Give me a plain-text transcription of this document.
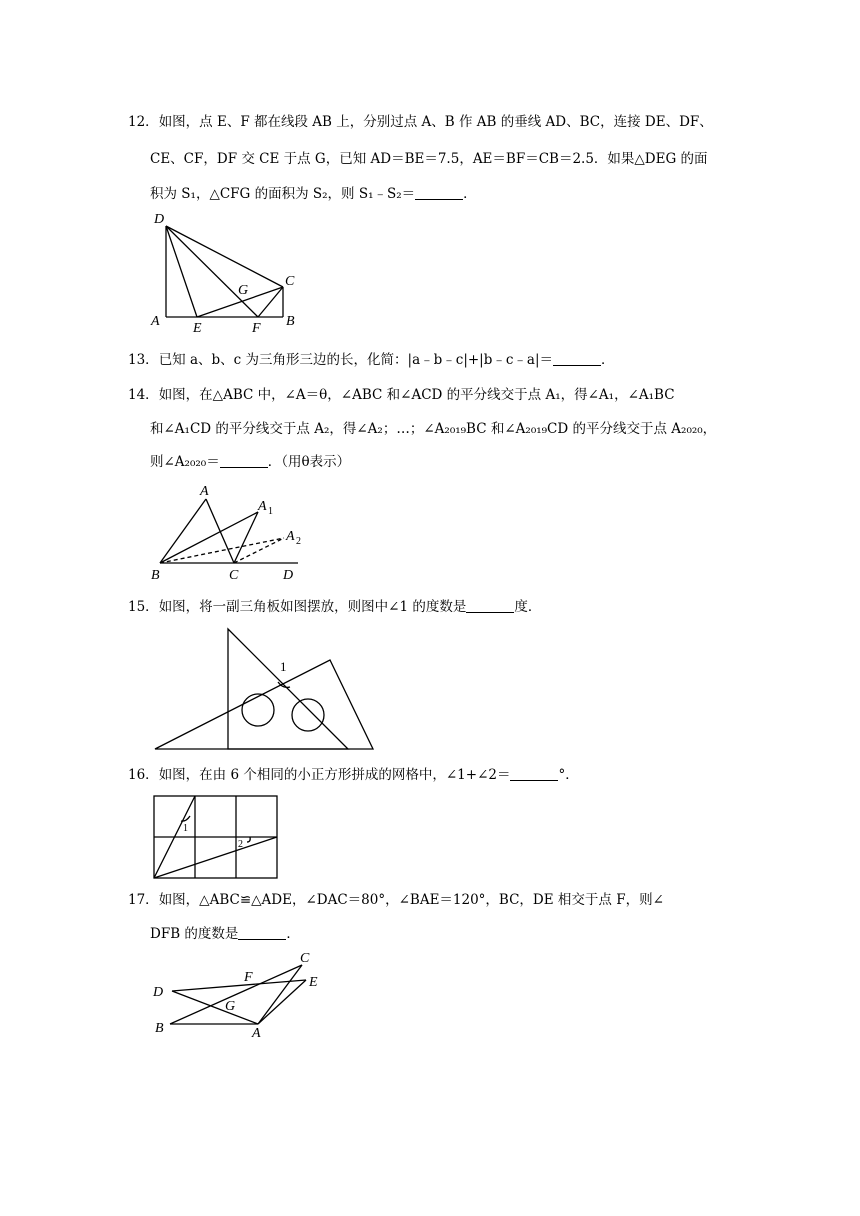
12．如图，点 E、F 都在线段 AB 上，分别过点 A、B 作 AB 的垂线 AD、BC，连接 DE、DF、
CE、CF，DF 交 CE 于点 G，已知 AD＝BE＝7.5，AE＝BF＝CB＝2.5．如果△DEG 的面
积为 S₁，△CFG 的面积为 S₂，则 S₁﹣S₂＝	．
D
A E	F B
C
G
13．已知 a、b、c 为三角形三边的长，化简：|a﹣b﹣c|+|b﹣c﹣a|＝	．
14．如图，在△ABC 中，∠A＝θ，∠ABC 和∠ACD 的平分线交于点 A₁，得∠A₁，∠A₁BC
和∠A₁CD 的平分线交于点 A₂，得∠A₂；…；∠A₂₀₁₉BC 和∠A₂₀₁₉CD 的平分线交于点 A₂₀₂₀，
则∠A₂₀₂₀＝	．（用θ表示）
A
A 1
A 2
B	C	D
15．如图，将一副三角板如图摆放，则图中∠1 的度数是	度．
1
16．如图，在由 6 个相同的小正方形拼成的网格中，∠1+∠2＝	°．
1
2
17．如图，△ABC≌△ADE，∠DAC＝80°，∠BAE＝120°，BC，DE 相交于点 F，则∠
DFB 的度数是	．
C
E
F
D
G
B	A
